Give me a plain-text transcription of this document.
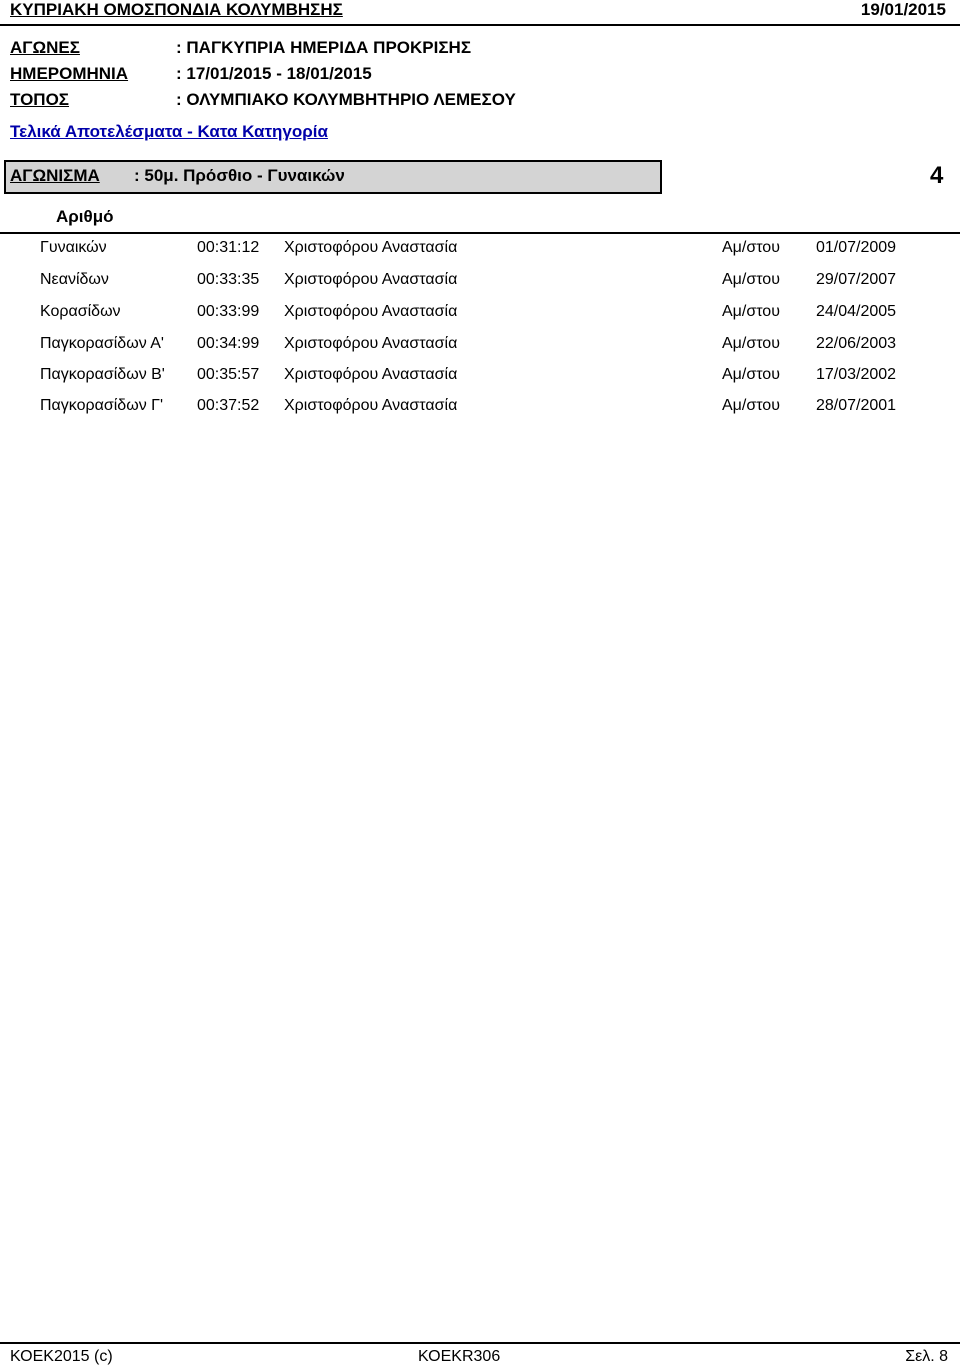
ΚΥΠΡΙΑΚΗ ΟΜΟΣΠΟΝΔΙΑ ΚΟΛΥΜΒΗΣΗΣ	19/01/2015
ΑΓΩΝΕΣ	: ΠΑΓΚΥΠΡΙΑ ΗΜΕΡΙΔΑ ΠΡΟΚΡΙΣΗΣ
ΗΜΕΡΟΜΗΝΙΑ	: 17/01/2015 - 18/01/2015
ΤΟΠΟΣ	: ΟΛΥΜΠΙΑΚΟ ΚΟΛΥΜΒΗΤΗΡΙΟ ΛΕΜΕΣΟΥ
Τελικά Αποτελέσματα - Κατα Κατηγορία
ΑΓΩΝΙΣΜΑ : 50μ. Πρόσθιο - Γυναικών	4
Αριθμό
Γυναικών	00:31:12 Χριστοφόρου Αναστασία	Αμ/στου 01/07/2009
Νεανίδων	00:33:35 Χριστοφόρου Αναστασία	Αμ/στου 29/07/2007
Κορασίδων	00:33:99 Χριστοφόρου Αναστασία	Αμ/στου 24/04/2005
Παγκορασίδων Α' 00:34:99 Χριστοφόρου Αναστασία	Αμ/στου 22/06/2003
Παγκορασίδων Β' 00:35:57 Χριστοφόρου Αναστασία	Αμ/στου 17/03/2002
Παγκορασίδων Γ' 00:37:52 Χριστοφόρου Αναστασία	Αμ/στου 28/07/2001
ΚΟΕΚ2015 (c)	ΚΟΕΚR306	Σελ. 8
